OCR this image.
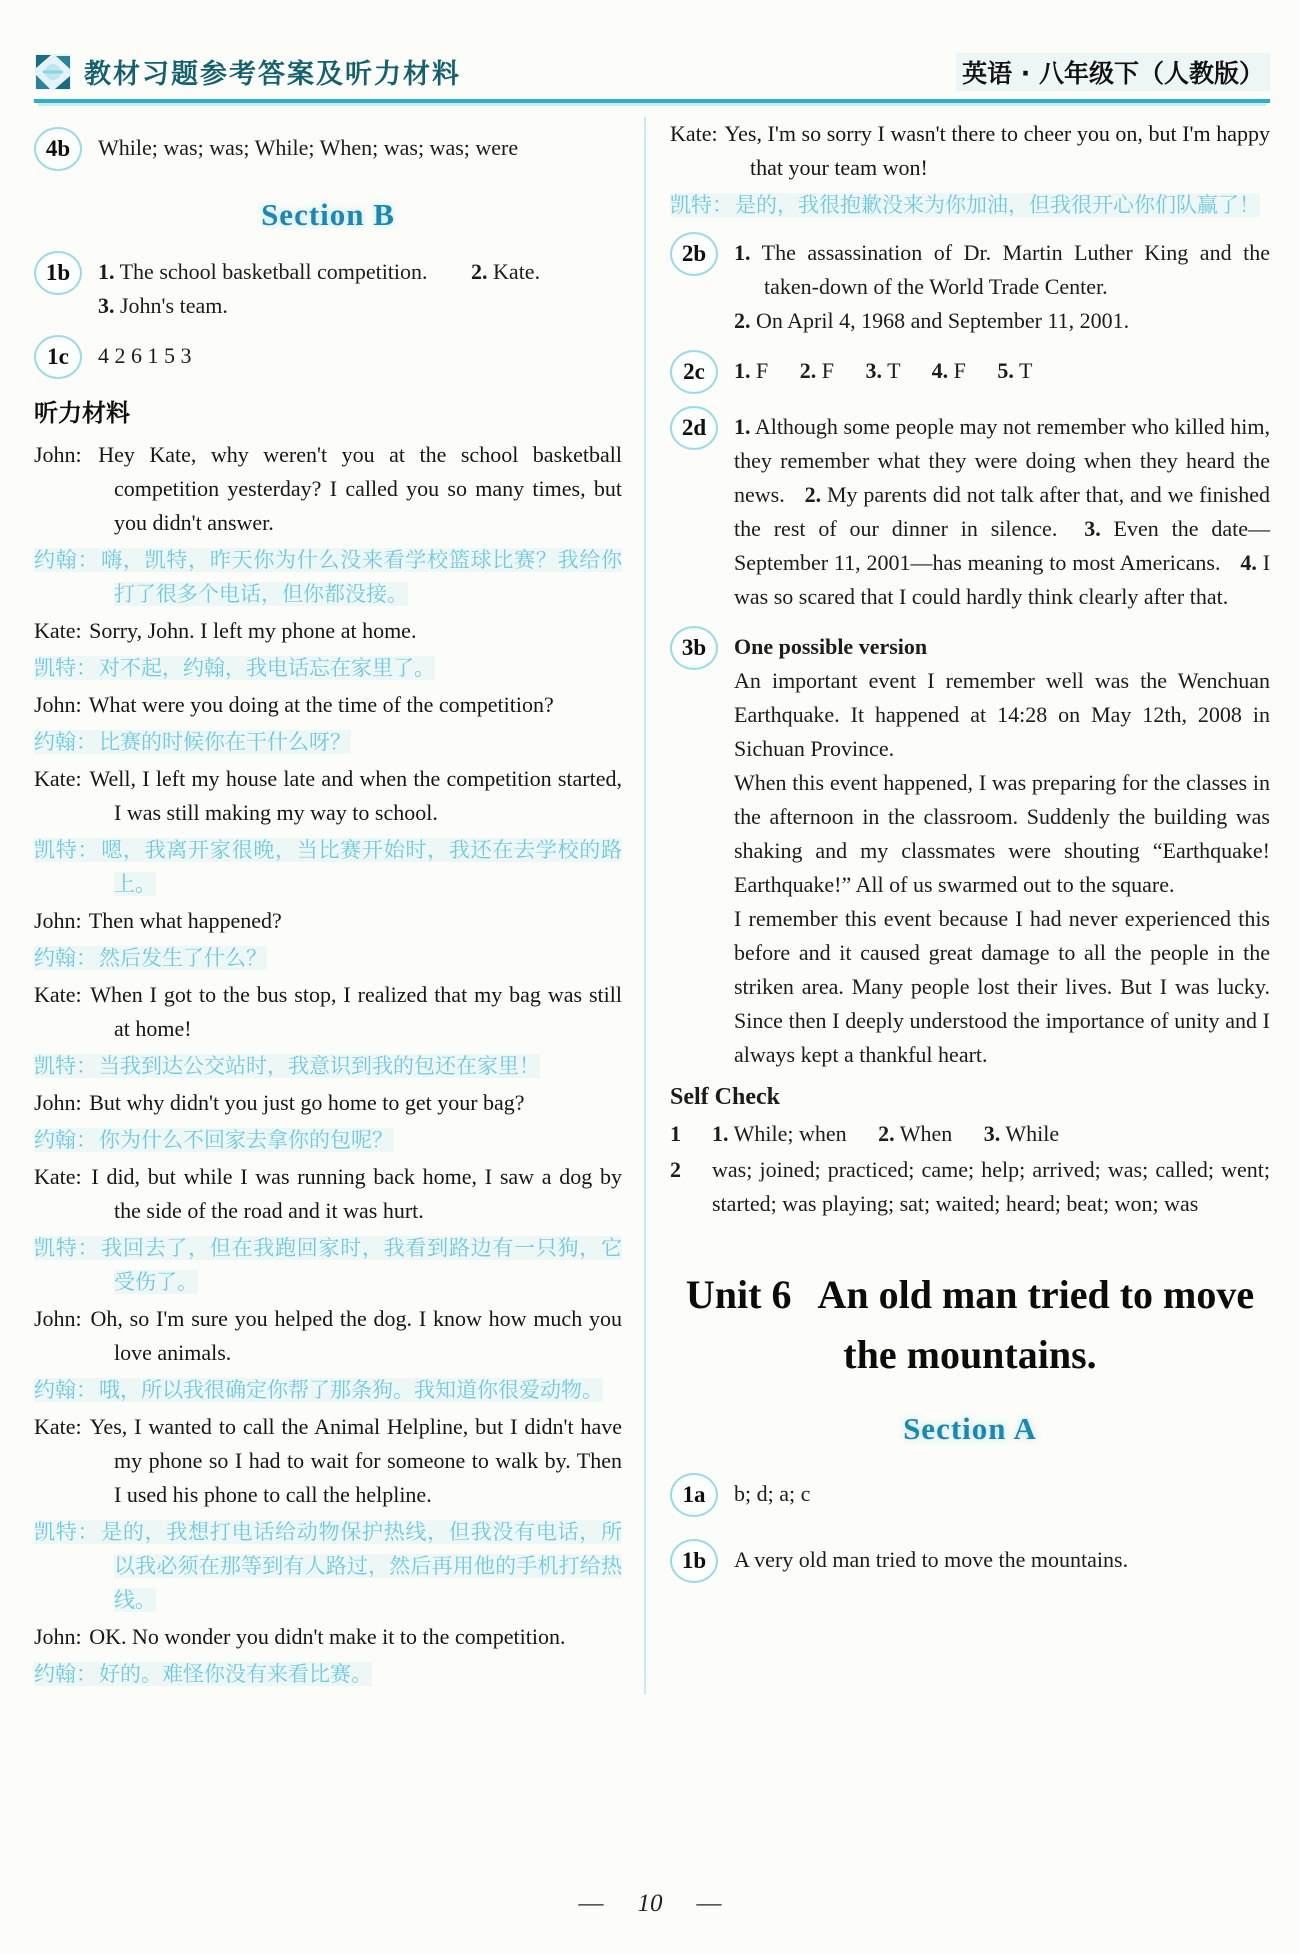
教材习题参考答案及听力材料	英语 · 八年级下（人教版）
4b	While; was; was; While; When; was; was; were
Section B
1b	1. The school basketball competition. 2. Kate.

3. John's team.

1c	4 2 6 1 5 3
听力材料

John: Hey Kate, why weren't you at the school basketball competition yesterday? I called you so many times, but you didn't answer.

约翰：嗨，凯特，昨天你为什么没来看学校篮球比赛？我给你打了很多个电话，但你都没接。

Kate: Sorry, John. I left my phone at home.

凯特：对不起，约翰，我电话忘在家里了。

John: What were you doing at the time of the competition?

约翰：比赛的时候你在干什么呀？

Kate: Well, I left my house late and when the competition started, I was still making my way to school.

凯特：嗯，我离开家很晚，当比赛开始时，我还在去学校的路上。

John: Then what happened?

约翰：然后发生了什么？

Kate: When I got to the bus stop, I realized that my bag was still at home!

凯特：当我到达公交站时，我意识到我的包还在家里！

John: But why didn't you just go home to get your bag?

约翰：你为什么不回家去拿你的包呢？

Kate: I did, but while I was running back home, I saw a dog by the side of the road and it was hurt.

凯特：我回去了，但在我跑回家时，我看到路边有一只狗，它受伤了。

John: Oh, so I'm sure you helped the dog. I know how much you love animals.

约翰：哦，所以我很确定你帮了那条狗。我知道你很爱动物。

Kate: Yes, I wanted to call the Animal Helpline, but I didn't have my phone so I had to wait for someone to walk by. Then I used his phone to call the helpline.

凯特：是的，我想打电话给动物保护热线，但我没有电话，所以我必须在那等到有人路过，然后再用他的手机打给热线。

John: OK. No wonder you didn't make it to the competition.

约翰：好的。难怪你没有来看比赛。

Kate: Yes, I'm so sorry I wasn't there to cheer you on, but I'm happy that your team won!

凯特：是的，我很抱歉没来为你加油，但我很开心你们队赢了！

2b	1. The assassination of Dr. Martin Luther King and the taken-down of the World Trade Center.

2. On April 4, 1968 and September 11, 2001.

2c	1. F 2. F 3. T 4. F 5. T
2d	1. Although some people may not remember who killed him, they remember what they were doing when they heard the news. 2. My parents did not talk after that, and we finished the rest of our dinner in silence. 3. Even the date—September 11, 2001—has meaning to most Americans. 4. I was so scared that I could hardly think clearly after that.
3b	One possible version

An important event I remember well was the Wenchuan Earthquake. It happened at 14:28 on May 12th, 2008 in Sichuan Province.

When this event happened, I was preparing for the classes in the afternoon in the classroom. Suddenly the building was shaking and my classmates were shouting “Earthquake! Earthquake!” All of us swarmed out to the square.

I remember this event because I had never experienced this before and it caused great damage to all the people in the striken area. Many people lost their lives. But I was lucky. Since then I deeply understood the importance of unity and I always kept a thankful heart.

Self Check
1	1. While; when 2. When 3. While
2	was; joined; practiced; came; help; arrived; was; called; went; started; was playing; sat; waited; heard; beat; won; was
Unit 6 An old man tried to move the mountains.
Section A
1a	b; d; a; c
1b	A very old man tried to move the mountains.
— 10 —
